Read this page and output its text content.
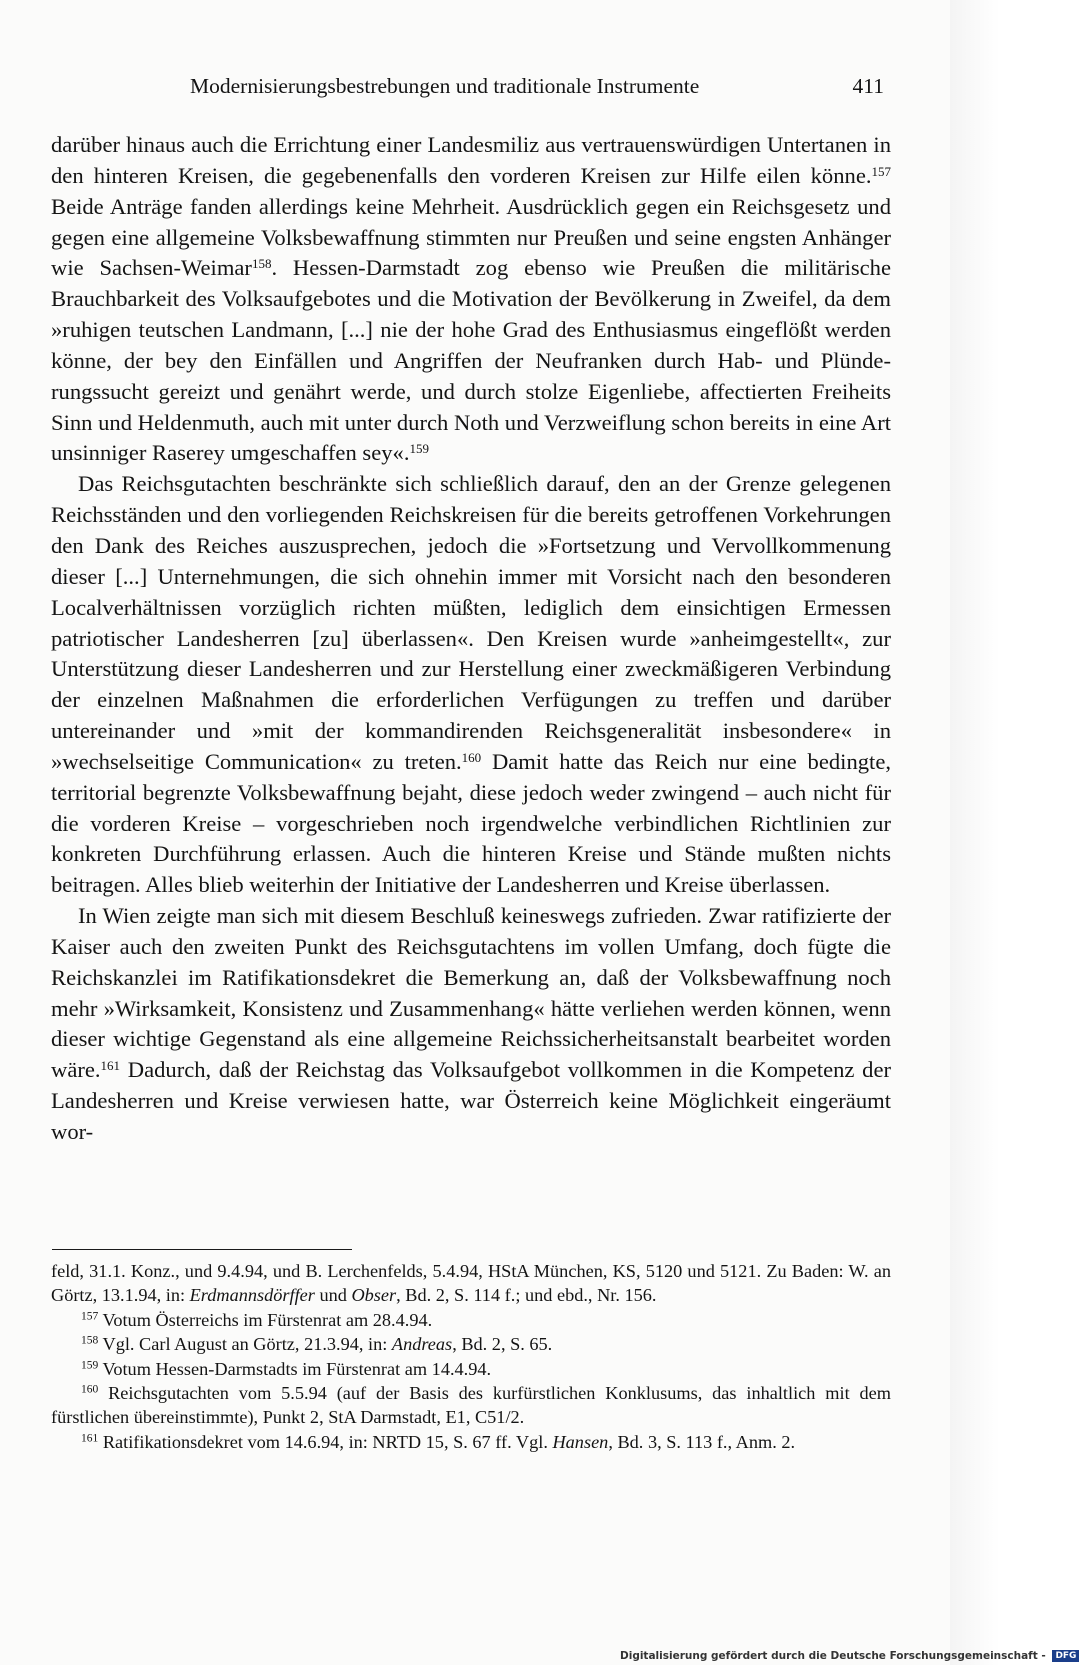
Modernisierungsbestrebungen und traditionale Instrumente	411

darüber hinaus auch die Errichtung einer Landesmiliz aus vertrauenswürdigen Untertanen in den hinteren Kreisen, die gegebenenfalls den vorderen Kreisen zur Hilfe eilen könne.$^{157}$ Beide Anträge fanden allerdings keine Mehrheit. Ausdrücklich gegen ein Reichsgesetz und gegen eine allgemeine Volksbewaffnung stimmten nur Preußen und seine engsten Anhänger wie Sachsen-Weimar$^{158}$. Hessen-Darmstadt zog ebenso wie Preußen die militärische Brauchbarkeit des Volksaufgebotes und die Motivation der Bevölkerung in Zweifel, da dem »ruhigen teutschen Landmann, [...] nie der hohe Grad des Enthusiasmus eingeflößt werden könne, der bey den Einfällen und Angriffen der Neufranken durch Hab- und Plünderungssucht gereizt und genährt werde, und durch stolze Eigenliebe, affectierten Freiheits Sinn und Heldenmuth, auch mit unter durch Noth und Verzweiflung schon bereits in eine Art unsinniger Raserey umgeschaffen sey«.$^{159}$

Das Reichsgutachten beschränkte sich schließlich darauf, den an der Grenze gelegenen Reichsständen und den vorliegenden Reichskreisen für die bereits getroffenen Vorkehrungen den Dank des Reiches auszusprechen, jedoch die »Fortsetzung und Vervollkommenung dieser [...] Unternehmungen, die sich ohnehin immer mit Vorsicht nach den besonderen Localverhältnissen vorzüglich richten müßten, lediglich dem einsichtigen Ermessen patriotischer Landesherren [zu] überlassen«. Den Kreisen wurde »anheimgestellt«, zur Unterstützung dieser Landesherren und zur Herstellung einer zweckmäßigeren Verbindung der einzelnen Maßnahmen die erforderlichen Verfügungen zu treffen und darüber untereinander und »mit der kommandirenden Reichsgeneralität insbesondere« in »wechselseitige Communication« zu treten.$^{160}$ Damit hatte das Reich nur eine bedingte, territorial begrenzte Volksbewaffnung bejaht, diese jedoch weder zwingend – auch nicht für die vorderen Kreise – vorgeschrieben noch irgendwelche verbindlichen Richtlinien zur konkreten Durchführung erlassen. Auch die hinteren Kreise und Stände mußten nichts beitragen. Alles blieb weiterhin der Initiative der Landesherren und Kreise überlassen.

In Wien zeigte man sich mit diesem Beschluß keineswegs zufrieden. Zwar ratifizierte der Kaiser auch den zweiten Punkt des Reichsgutachtens im vollen Umfang, doch fügte die Reichskanzlei im Ratifikationsdekret die Bemerkung an, daß der Volksbewaffnung noch mehr »Wirksamkeit, Konsistenz und Zusammenhang« hätte verliehen werden können, wenn dieser wichtige Gegenstand als eine allgemeine Reichssicherheitsanstalt bearbeitet worden wäre.$^{161}$ Dadurch, daß der Reichstag das Volksaufgebot vollkommen in die Kompetenz der Landesherren und Kreise verwiesen hatte, war Österreich keine Möglichkeit eingeräumt wor-

feld, 31.1. Konz., und 9.4.94, und B. Lerchenfelds, 5.4.94, HStA München, KS, 5120 und 5121. Zu Baden: W. an Görtz, 13.1.94, in: Erdmannsdörffer und Obser, Bd. 2, S. 114 f.; und ebd., Nr. 156.

$^{157}$ Votum Österreichs im Fürstenrat am 28.4.94.

$^{158}$ Vgl. Carl August an Görtz, 21.3.94, in: Andreas, Bd. 2, S. 65.

$^{159}$ Votum Hessen-Darmstadts im Fürstenrat am 14.4.94.

$^{160}$ Reichsgutachten vom 5.5.94 (auf der Basis des kurfürstlichen Konklusums, das inhaltlich mit dem fürstlichen übereinstimmte), Punkt 2, StA Darmstadt, E1, C51/2.

$^{161}$ Ratifikationsdekret vom 14.6.94, in: NRTD 15, S. 67 ff. Vgl. Hansen, Bd. 3, S. 113 f., Anm. 2.

Digitalisierung gefördert durch die Deutsche Forschungsgemeinschaft - DFG
